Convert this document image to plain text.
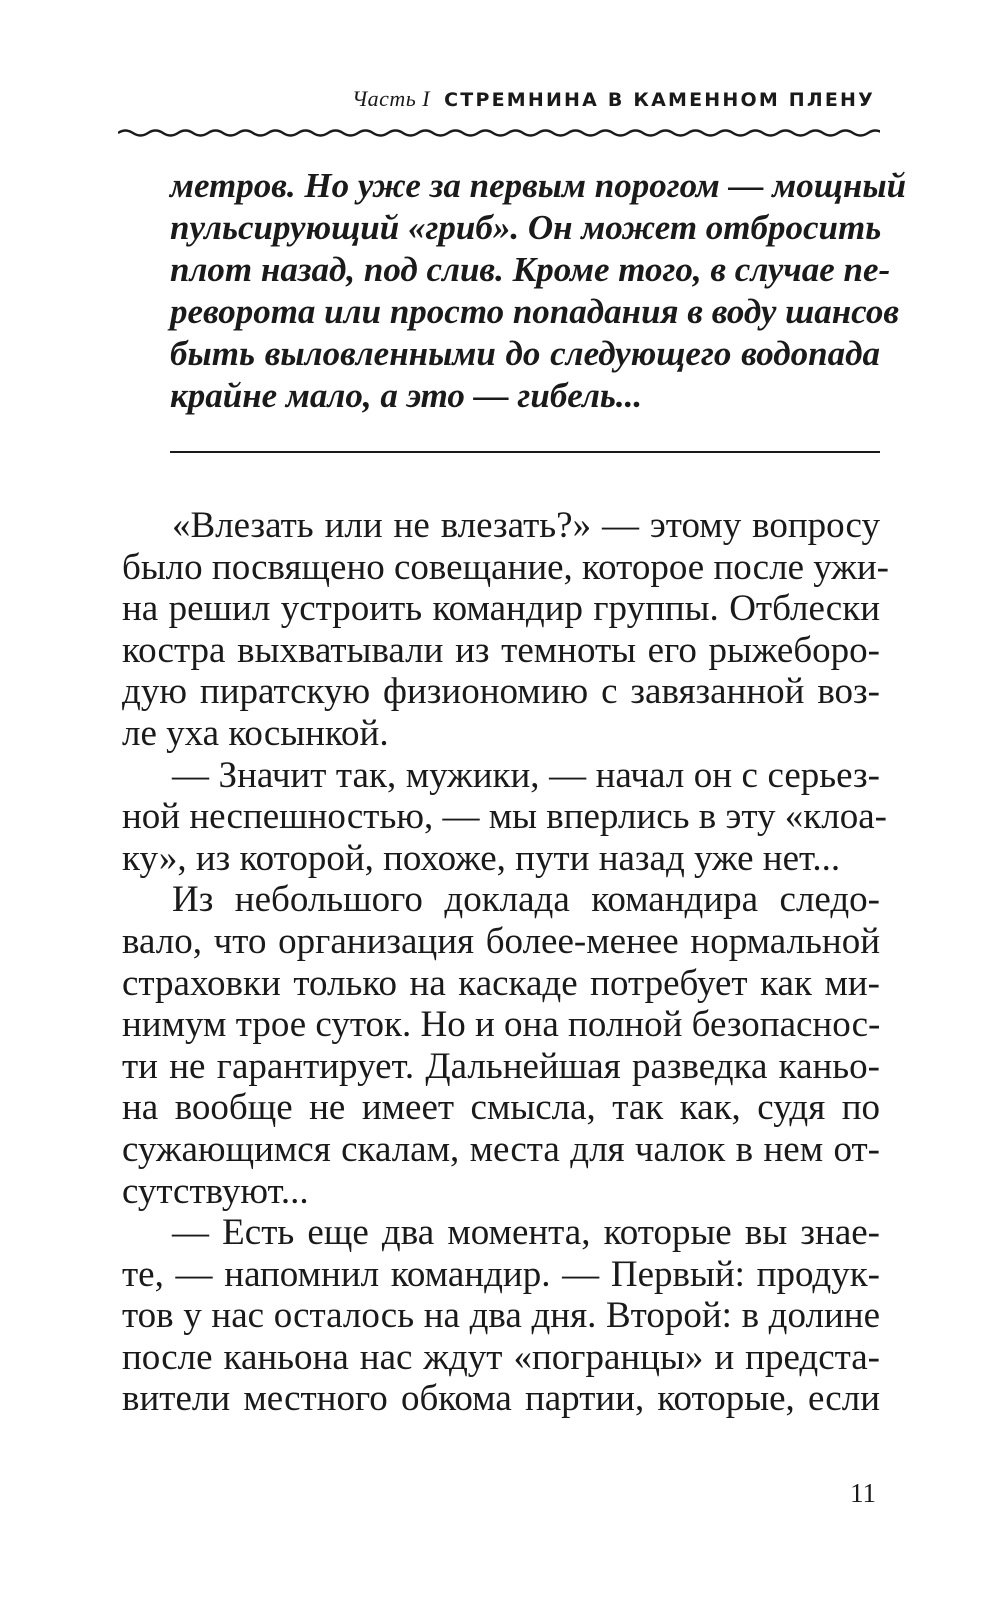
Часть I СТРЕМНИНА В КАМЕННОМ ПЛЕНУ
метров. Но уже за первым порогом — мощный
пульсирующий «гриб». Он может отбросить
плот назад, под слив. Кроме того, в случае пе-
реворота или просто попадания в воду шансов
быть выловленными до следующего водопада
крайне мало, а это — гибель...
«Влезать или не влезать?» — этому вопросу
было посвящено совещание, которое после ужи-
на решил устроить командир группы. Отблески
костра выхватывали из темноты его рыжеборо-
дую пиратскую физиономию с завязанной воз-
ле уха косынкой.
— Значит так, мужики, — начал он с серьез-
ной неспешностью, — мы вперлись в эту «клоа-
ку», из которой, похоже, пути назад уже нет...
Из небольшого доклада командира следо-
вало, что организация более-менее нормальной
страховки только на каскаде потребует как ми-
нимум трое суток. Но и она полной безопаснос-
ти не гарантирует. Дальнейшая разведка каньо-
на вообще не имеет смысла, так как, судя по
сужающимся скалам, места для чалок в нем от-
сутствуют...
— Есть еще два момента, которые вы знае-
те, — напомнил командир. — Первый: продук-
тов у нас осталось на два дня. Второй: в долине
после каньона нас ждут «погранцы» и предста-
вители местного обкома партии, которые, если
11
